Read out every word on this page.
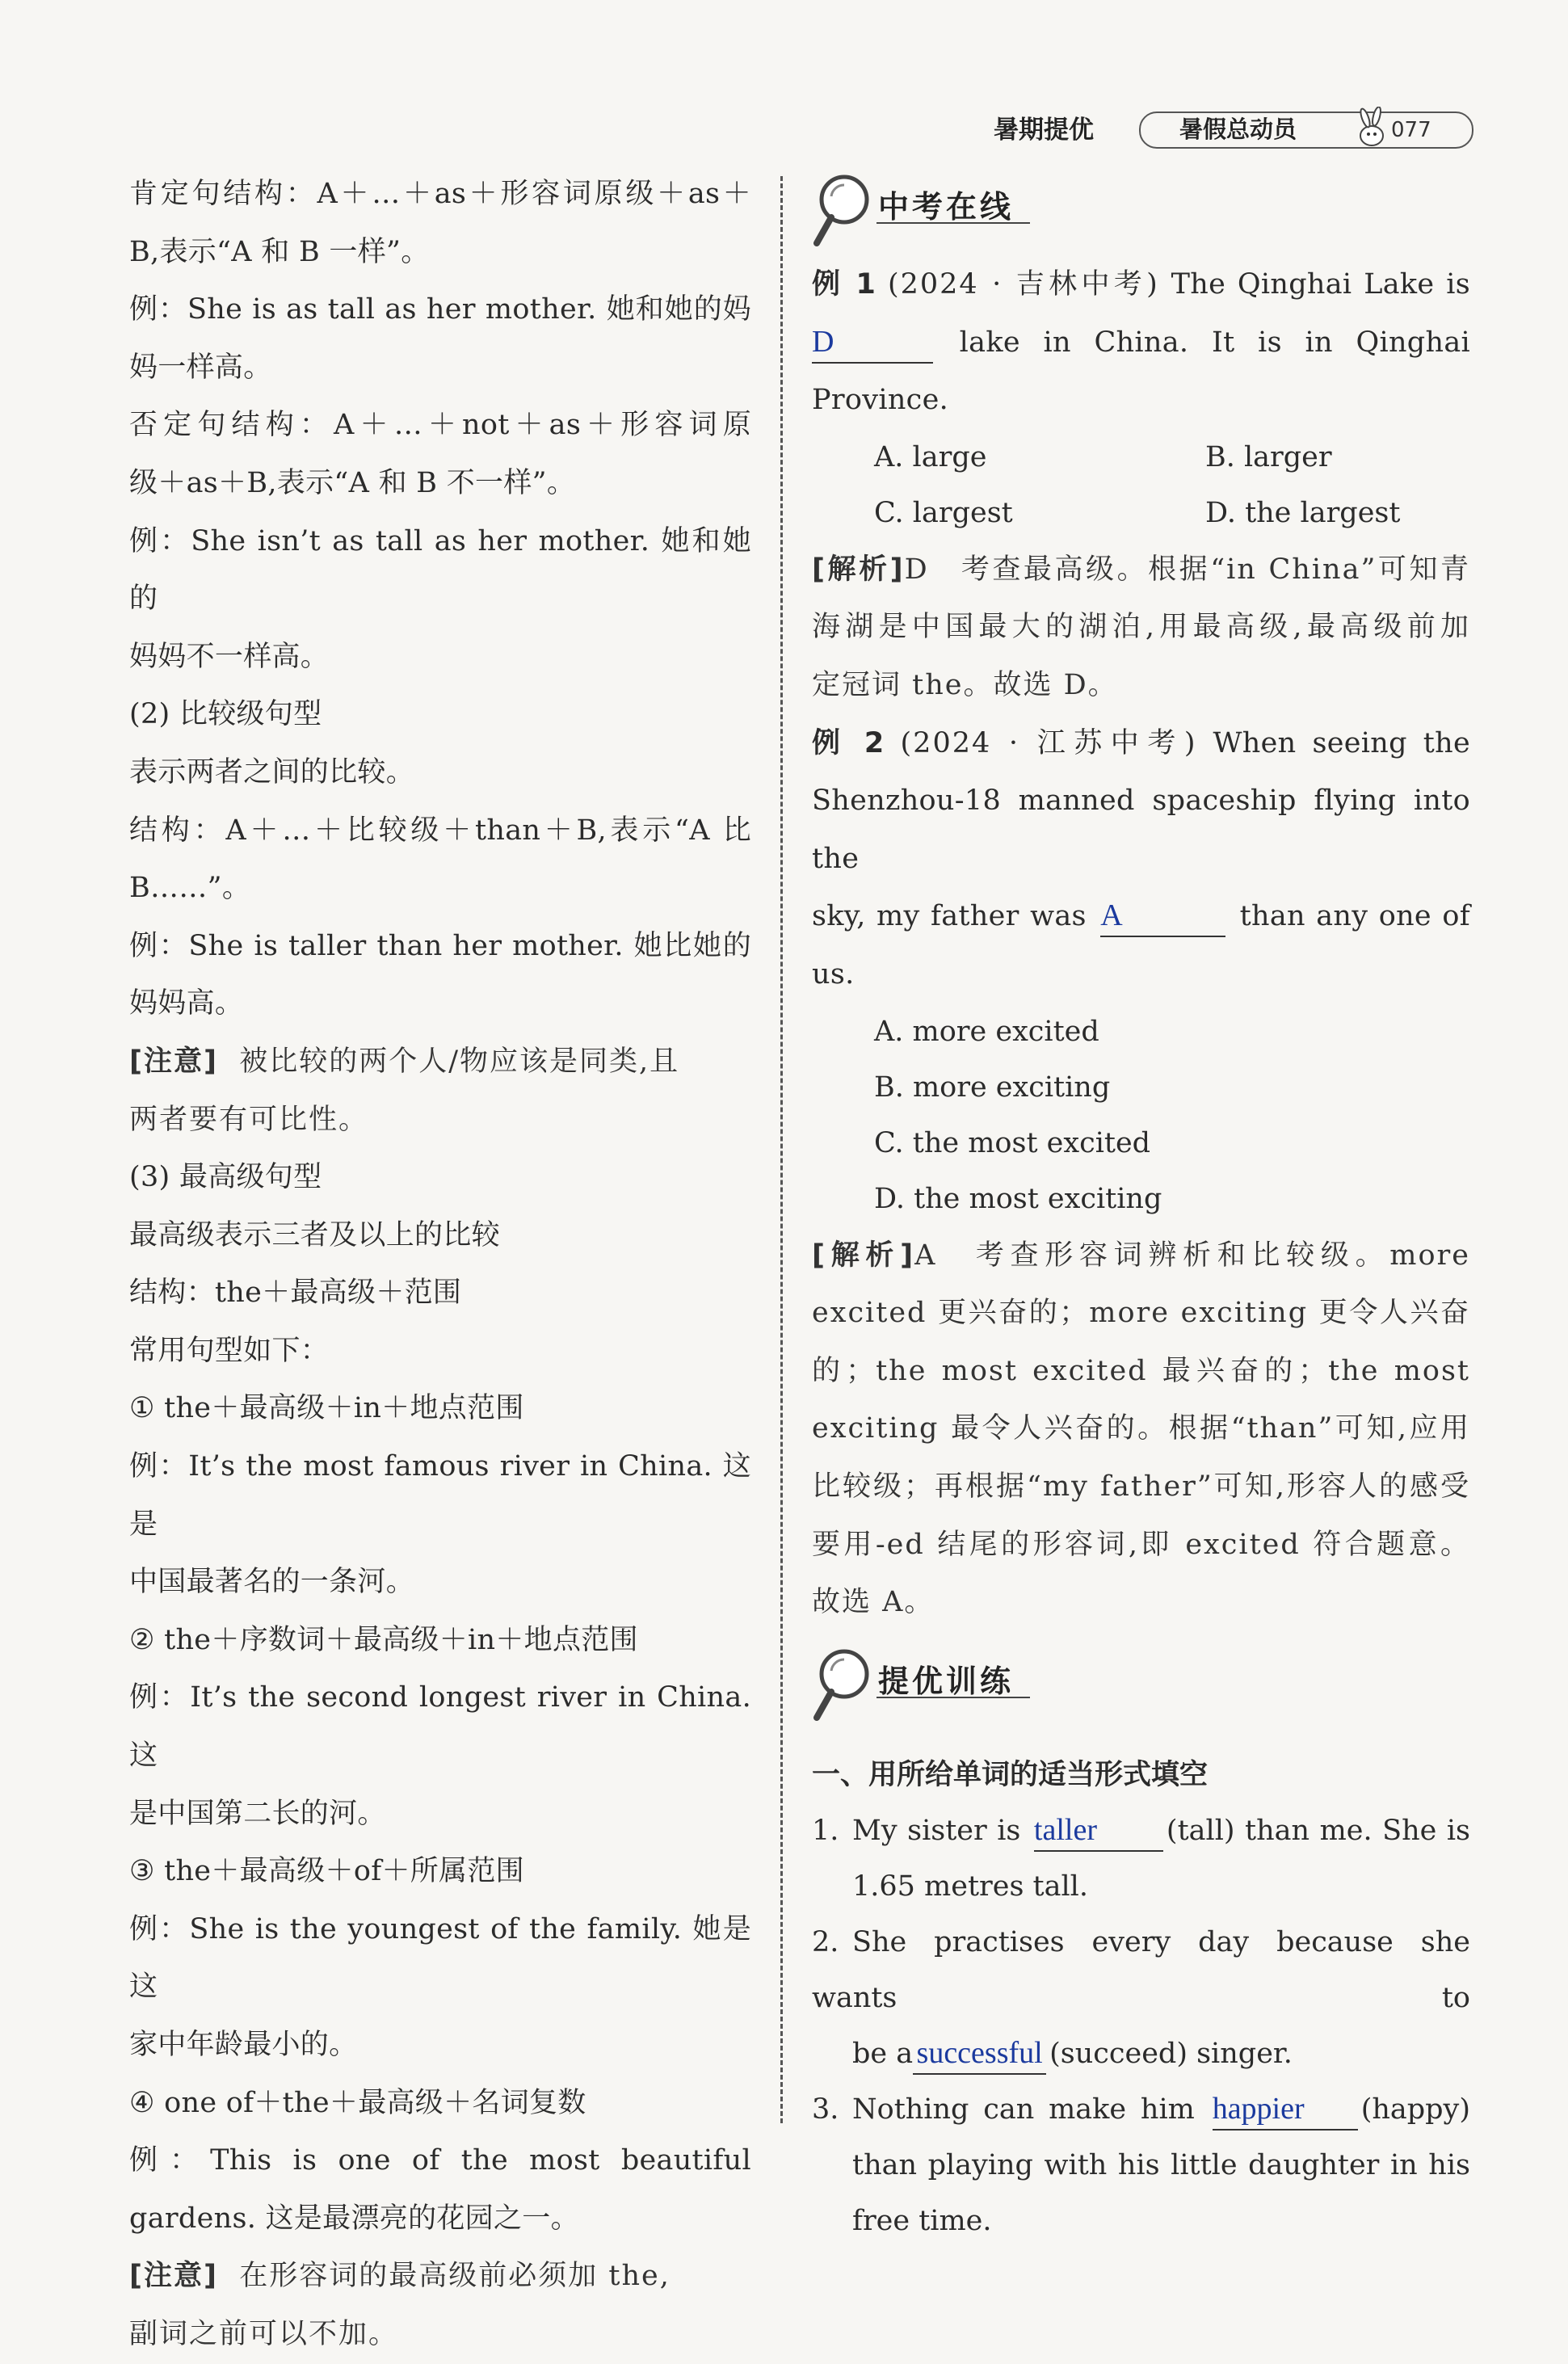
暑期提优	暑假总动员	077
肯定句结构：A＋…＋as＋形容词原级＋as＋
B,表示“A 和 B 一样”。
例：She is as tall as her mother. 她和她的妈
妈一样高。
否定句结构：A＋…＋not＋as＋形容词原
级＋as＋B,表示“A 和 B 不一样”。
例：She isn’t as tall as her mother. 她和她的
妈妈不一样高。
(2) 比较级句型
表示两者之间的比较。
结构：A＋…＋比较级＋than＋B,表示“A 比
B……”。
例：She is taller than her mother. 她比她的
妈妈高。
[注意] 被比较的两个人/物应该是同类,且
两者要有可比性。
(3) 最高级句型
最高级表示三者及以上的比较
结构：the＋最高级＋范围
常用句型如下：
① the＋最高级＋in＋地点范围
例：It’s the most famous river in China. 这是
中国最著名的一条河。
② the＋序数词＋最高级＋in＋地点范围
例：It’s the second longest river in China. 这
是中国第二长的河。
③ the＋最高级＋of＋所属范围
例：She is the youngest of the family. 她是这
家中年龄最小的。
④ one of＋the＋最高级＋名词复数
例：This is one of the most beautiful
gardens. 这是最漂亮的花园之一。
[注意] 在形容词的最高级前必须加 the,
副词之前可以不加。
中考在线
例 1 (2024 · 吉林中考) The Qinghai Lake is
D	lake in China. It is in Qinghai
Province.
A. large	B. larger
C. largest	D. the largest
[解析]D　考查最高级。根据“in China”可知青
海湖是中国最大的湖泊,用最高级,最高级前加
定冠词 the。故选 D。
例 2 (2024 · 江苏中考) When seeing the
Shenzhou-18 manned spaceship flying into the
sky, my father was A	than any one of
us.
A. more excited
B. more exciting
C. the most excited
D. the most exciting
[解析]A　考查形容词辨析和比较级。more
excited 更兴奋的；more exciting 更令人兴奋
的；the most excited 最兴奋的；the most
exciting 最令人兴奋的。根据“than”可知,应用
比较级；再根据“my father”可知,形容人的感受
要用-ed 结尾的形容词,即 excited 符合题意。
故选 A。
提优训练
一、用所给单词的适当形式填空
1. My sister is taller (tall) than me. She is
1.65 metres tall.
2. She practises every day because she wants to
be a successful (succeed) singer.
3. Nothing can make him happier (happy)
than playing with his little daughter in his
free time.
